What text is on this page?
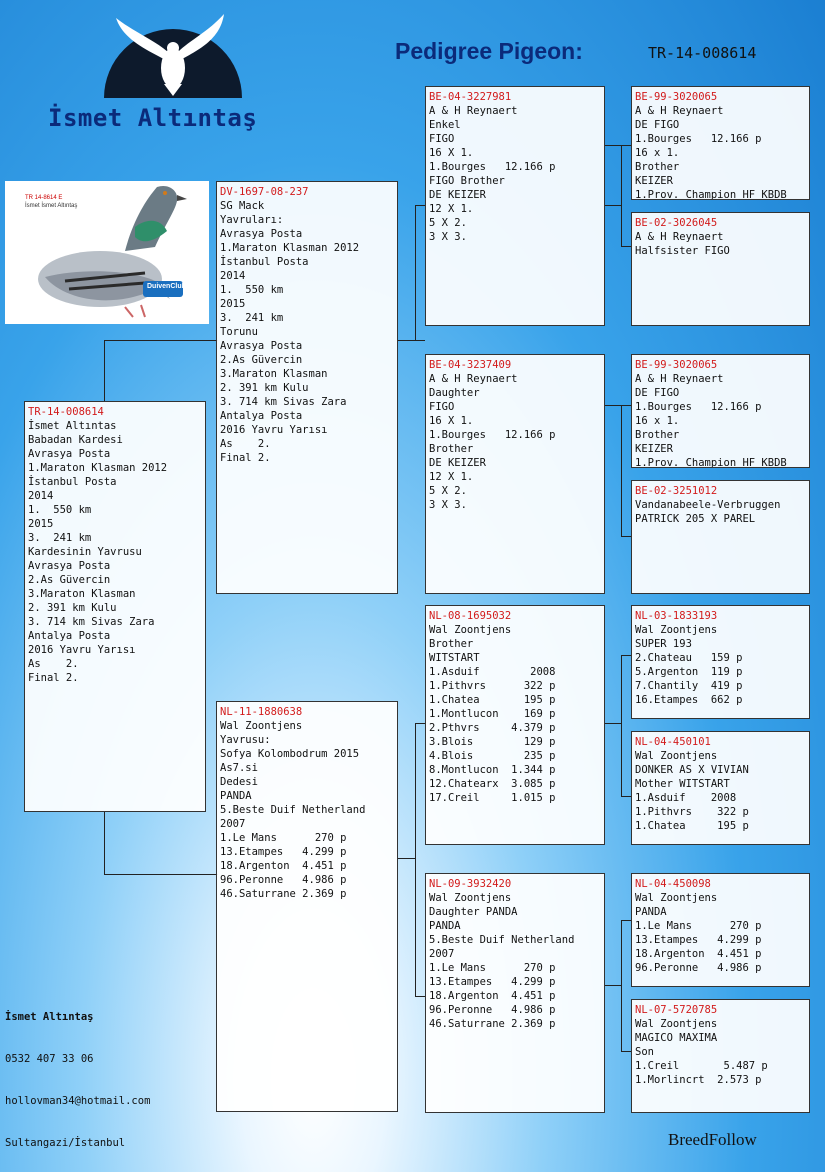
İsmet Altıntaş
Pedigree Pigeon:	TR-14-008614
TR 14-8614 E
İsmet İsmet Altıntaş
DuivenClub
TR-14-008614
İsmet Altıntas
Babadan Kardesi
Avrasya Posta
1.Maraton Klasman 2012
İstanbul Posta
2014
1.  550 km
2015
3.  241 km
Kardesinin Yavrusu
Avrasya Posta
2.As Güvercin
3.Maraton Klasman
2. 391 km Kulu
3. 714 km Sivas Zara
Antalya Posta
2016 Yavru Yarısı
As    2.
Final 2.
DV-1697-08-237
SG Mack
Yavruları:
Avrasya Posta
1.Maraton Klasman 2012
İstanbul Posta
2014
1.  550 km
2015
3.  241 km
Torunu
Avrasya Posta
2.As Güvercin
3.Maraton Klasman
2. 391 km Kulu
3. 714 km Sivas Zara
Antalya Posta
2016 Yavru Yarısı
As    2.
Final 2.
NL-11-1880638
Wal Zoontjens
Yavrusu:
Sofya Kolombodrum 2015
As7.si
Dedesi
PANDA
5.Beste Duif Netherland
2007
1.Le Mans      270 p
13.Etampes   4.299 p
18.Argenton  4.451 p
96.Peronne   4.986 p
46.Saturrane 2.369 p
BE-04-3227981
A & H Reynaert
Enkel
FIGO
16 X 1.
1.Bourges   12.166 p
FIGO Brother
DE KEIZER
12 X 1.
5 X 2.
3 X 3.
BE-04-3237409
A & H Reynaert
Daughter
FIGO
16 X 1.
1.Bourges   12.166 p
Brother
DE KEIZER
12 X 1.
5 X 2.
3 X 3.
NL-08-1695032
Wal Zoontjens
Brother
WITSTART
1.Asduif        2008
1.Pithvrs      322 p
1.Chatea       195 p
1.Montlucon    169 p
2.Pthvrs     4.379 p
3.Blois        129 p
4.Blois        235 p
8.Montlucon  1.344 p
12.Chatearx  3.085 p
17.Creil     1.015 p
NL-09-3932420
Wal Zoontjens
Daughter PANDA
PANDA
5.Beste Duif Netherland
2007
1.Le Mans      270 p
13.Etampes   4.299 p
18.Argenton  4.451 p
96.Peronne   4.986 p
46.Saturrane 2.369 p
BE-99-3020065
A & H Reynaert
DE FIGO
1.Bourges   12.166 p
16 x 1.
Brother
KEIZER
1.Prov. Champion HF KBDB
BE-02-3026045
A & H Reynaert
Halfsister FIGO
BE-99-3020065
A & H Reynaert
DE FIGO
1.Bourges   12.166 p
16 x 1.
Brother
KEIZER
1.Prov. Champion HF KBDB
BE-02-3251012
Vandanabeele-Verbruggen
PATRICK 205 X PAREL
NL-03-1833193
Wal Zoontjens
SUPER 193
2.Chateau   159 p
5.Argenton  119 p
7.Chantily  419 p
16.Etampes  662 p
NL-04-450101
Wal Zoontjens
DONKER AS X VIVIAN
Mother WITSTART
1.Asduif    2008
1.Pithvrs    322 p
1.Chatea     195 p
NL-04-450098
Wal Zoontjens
PANDA
1.Le Mans      270 p
13.Etampes   4.299 p
18.Argenton  4.451 p
96.Peronne   4.986 p
NL-07-5720785
Wal Zoontjens
MAGICO MAXIMA
Son
1.Creil       5.487 p
1.Morlincrt  2.573 p

İsmet Altıntaş

0532 407 33 06

hollovman34@hotmail.com

Sultangazi/İstanbul	BreedFollow
